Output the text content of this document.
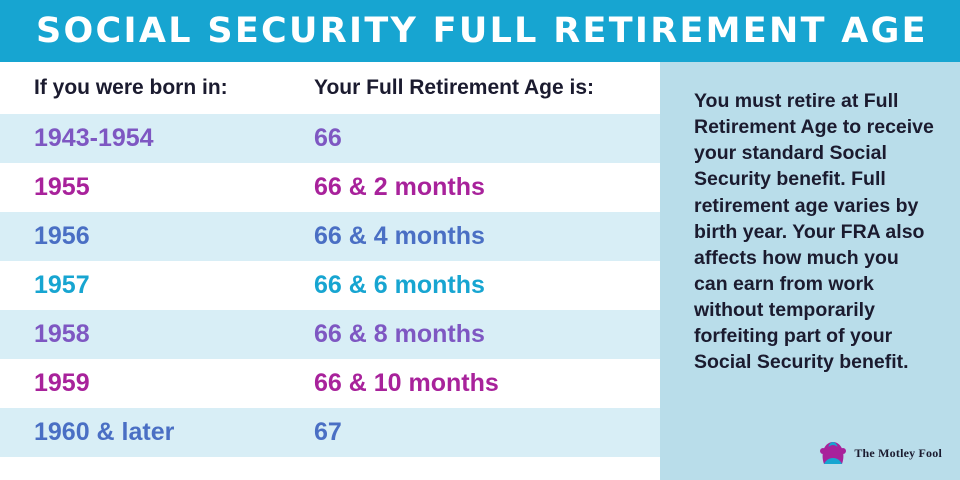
SOCIAL SECURITY FULL RETIREMENT AGE
If you were born in:	Your Full Retirement Age is:
1943-1954	66
1955	66 & 2 months
1956	66 & 4 months
1957	66 & 6 months
1958	66 & 8 months
1959	66 & 10 months
1960 & later	67
You must retire at Full Retirement Age to receive your standard Social Security benefit. Full retirement age varies by birth year. Your FRA also affects how much you can earn from work without temporarily forfeiting part of your Social Security benefit.
The Motley Fool
